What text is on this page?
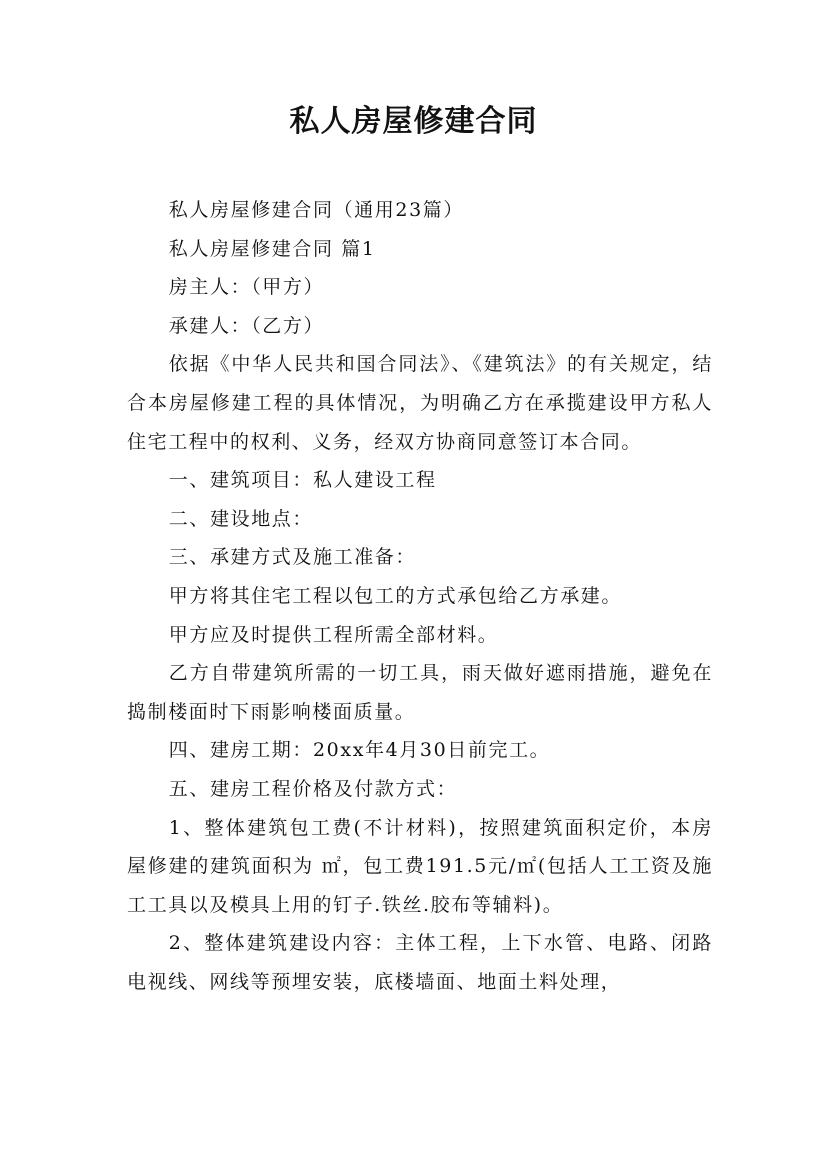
私人房屋修建合同

私人房屋修建合同（通用23篇）

私人房屋修建合同 篇1

房主人：（甲方）

承建人：（乙方）

依据《中华人民共和国合同法》、《建筑法》的有关规定，结合本房屋修建工程的具体情况，为明确乙方在承揽建设甲方私人住宅工程中的权利、义务，经双方协商同意签订本合同。

一、建筑项目：私人建设工程

二、建设地点：

三、承建方式及施工准备：

甲方将其住宅工程以包工的方式承包给乙方承建。

甲方应及时提供工程所需全部材料。

乙方自带建筑所需的一切工具，雨天做好遮雨措施，避免在捣制楼面时下雨影响楼面质量。

四、建房工期：20xx年4月30日前完工。

五、建房工程价格及付款方式：

1、整体建筑包工费(不计材料)，按照建筑面积定价，本房屋修建的建筑面积为 ㎡，包工费191.5元/㎡(包括人工工资及施工工具以及模具上用的钉子.铁丝.胶布等辅料)。

2、整体建筑建设内容：主体工程，上下水管、电路、闭路电视线、网线等预埋安装，底楼墙面、地面土料处理，
